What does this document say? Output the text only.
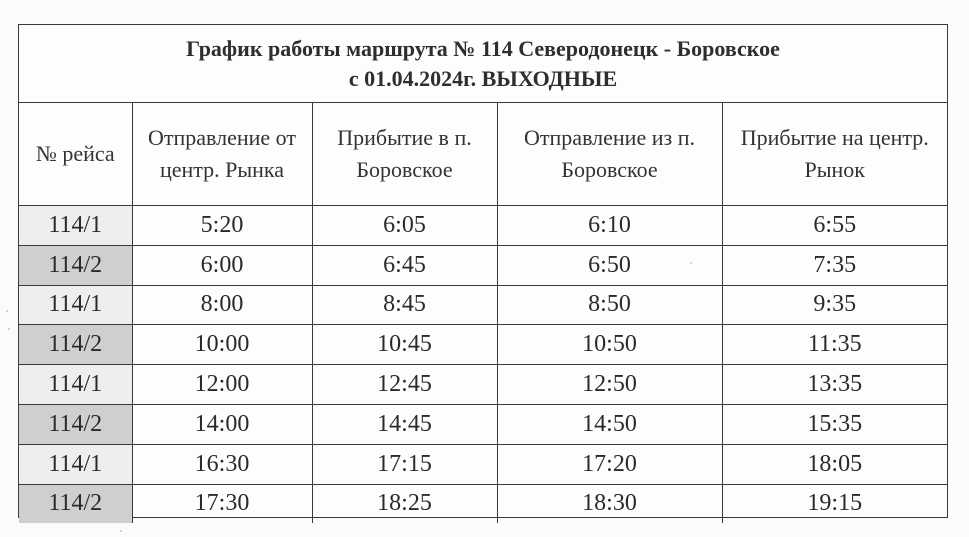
График работы маршрута № 114 Северодонецк - Боровское
с 01.04.2024г. ВЫХОДНЫЕ
№ рейса	Отправление от центр. Рынка	Прибытие в п. Боровское	Отправление из п. Боровское	Прибытие на центр. Рынок
114/1	5:20	6:05	6:10	6:55
114/2	6:00	6:45	6:50	7:35
114/1	8:00	8:45	8:50	9:35
114/2	10:00	10:45	10:50	11:35
114/1	12:00	12:45	12:50	13:35
114/2	14:00	14:45	14:50	15:35
114/1	16:30	17:15	17:20	18:05
114/2	17:30	18:25	18:30	19:15
